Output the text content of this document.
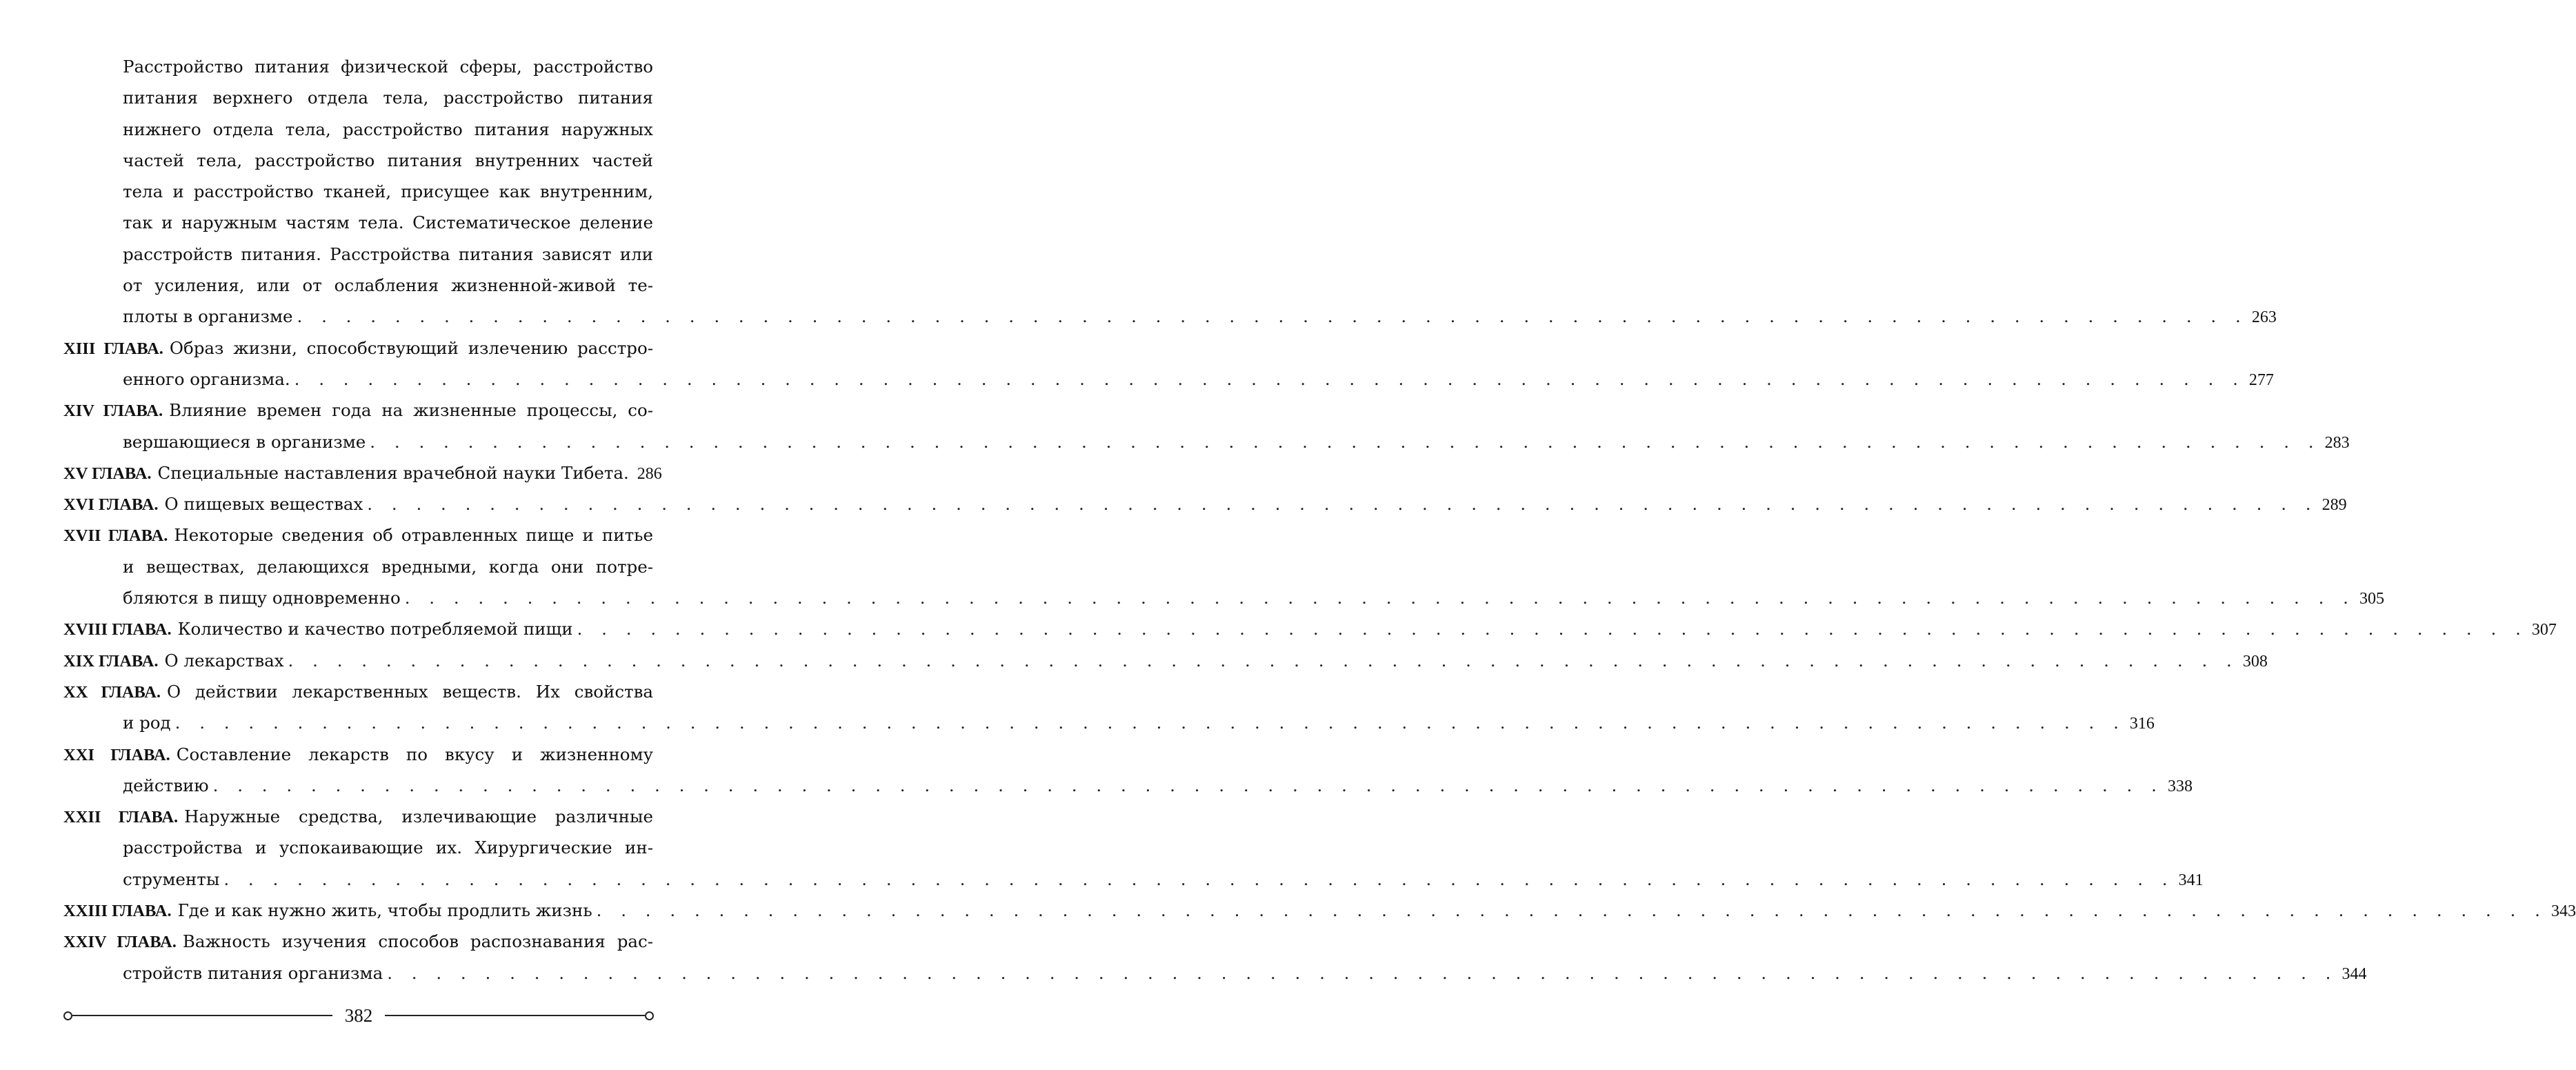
Расстройство питания физической сферы, расстройство
питания верхнего отдела тела, расстройство питания
нижнего отдела тела, расстройство питания наружных
частей тела, расстройство питания внутренних частей
тела и расстройство тканей, присущее как внутренним,
так и наружным частям тела. Систематическое деление
расстройств питания. Расстройства питания зависят или
от усиления, или от ослабления жизненной-живой те-
плоты в организме . . . . . . . . . . . . . . . . . . . . . . . . . . . . . . . . . . . . . . . . . . . . . . . . . . . . . . . . . . . . . . . . . . . . . . . . . . . . . . . . 263
XIII ГЛАВА. Образ жизни, способствующий излечению расстро-
енного организма. . . . . . . . . . . . . . . . . . . . . . . . . . . . . . . . . . . . . . . . . . . . . . . . . . . . . . . . . . . . . . . . . . . . . . . . . . . . . . . . . 277
XIV ГЛАВА. Влияние времен года на жизненные процессы, со-
вершающиеся в организме . . . . . . . . . . . . . . . . . . . . . . . . . . . . . . . . . . . . . . . . . . . . . . . . . . . . . . . . . . . . . . . . . . . . . . . . . . . . . . . . 283
XV ГЛАВА. Специальные наставления врачебной науки Тибета. 286
XVI ГЛАВА. О пищевых веществах . . . . . . . . . . . . . . . . . . . . . . . . . . . . . . . . . . . . . . . . . . . . . . . . . . . . . . . . . . . . . . . . . . . . . . . . . . . . . . . . 289
XVII ГЛАВА. Некоторые сведения об отравленных пище и питье
и веществах, делающихся вредными, когда они потре-
бляются в пищу одновременно . . . . . . . . . . . . . . . . . . . . . . . . . . . . . . . . . . . . . . . . . . . . . . . . . . . . . . . . . . . . . . . . . . . . . . . . . . . . . . . . 305
XVIII ГЛАВА. Количество и качество потребляемой пищи . . . . . . . . . . . . . . . . . . . . . . . . . . . . . . . . . . . . . . . . . . . . . . . . . . . . . . . . . . . . . . . . . . . . . . . . . . . . . . . . 307
XIX ГЛАВА. О лекарствах . . . . . . . . . . . . . . . . . . . . . . . . . . . . . . . . . . . . . . . . . . . . . . . . . . . . . . . . . . . . . . . . . . . . . . . . . . . . . . . . 308
XX ГЛАВА. О действии лекарственных веществ. Их свойства
и род . . . . . . . . . . . . . . . . . . . . . . . . . . . . . . . . . . . . . . . . . . . . . . . . . . . . . . . . . . . . . . . . . . . . . . . . . . . . . . . . 316
XXI ГЛАВА. Составление лекарств по вкусу и жизненному
действию . . . . . . . . . . . . . . . . . . . . . . . . . . . . . . . . . . . . . . . . . . . . . . . . . . . . . . . . . . . . . . . . . . . . . . . . . . . . . . . . 338
XXII ГЛАВА. Наружные средства, излечивающие различные
расстройства и успокаивающие их. Хирургические ин-
струменты . . . . . . . . . . . . . . . . . . . . . . . . . . . . . . . . . . . . . . . . . . . . . . . . . . . . . . . . . . . . . . . . . . . . . . . . . . . . . . . . 341
XXIII ГЛАВА. Где и как нужно жить, чтобы продлить жизнь . . . . . . . . . . . . . . . . . . . . . . . . . . . . . . . . . . . . . . . . . . . . . . . . . . . . . . . . . . . . . . . . . . . . . . . . . . . . . . . . 343
XXIV ГЛАВА. Важность изучения способов распознавания рас-
стройств питания организма . . . . . . . . . . . . . . . . . . . . . . . . . . . . . . . . . . . . . . . . . . . . . . . . . . . . . . . . . . . . . . . . . . . . . . . . . . . . . . . . 344
382
